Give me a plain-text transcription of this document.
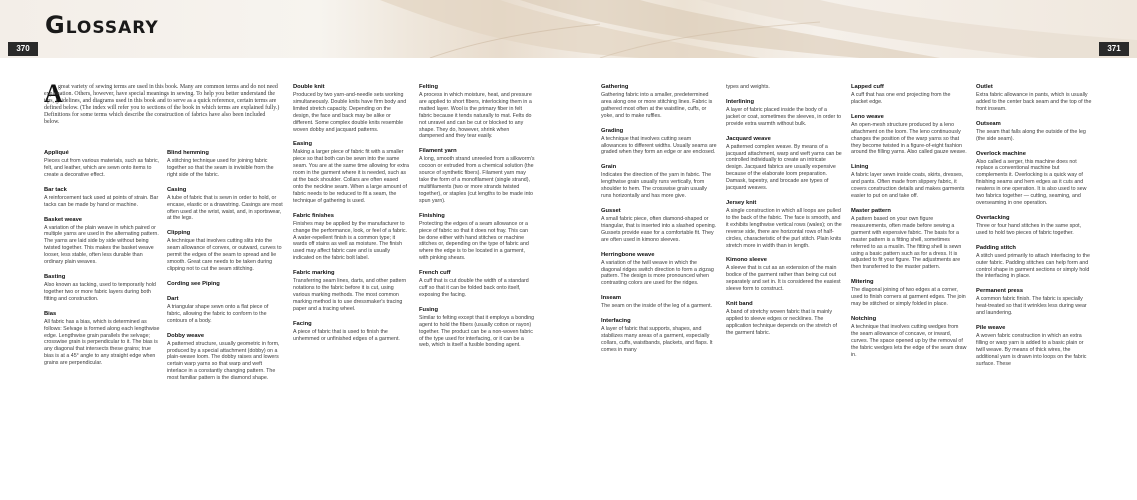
Glossary
370	371
A

great variety of sewing terms are used in this book. Many are common terms and do not need explanation. Others, however, have special meanings in sewing. To help you better understand the tips, guidelines, and diagrams used in this book and to serve as a quick reference, certain terms are defined below. (The index will refer you to sections of the book in which terms are explained fully.) Definitions for some terms which describe the construction of fabrics have also been included below.

Appliqué
Pieces cut from various materials, such as fabric, felt, and leather, which are sewn onto items to create a decorative effect.
Bar tack
A reinforcement tack used at points of strain. Bar tacks can be made by hand or machine.
Basket weave
A variation of the plain weave in which paired or multiple yarns are used in the alternating pattern. The yarns are laid side by side without being twisted together. This makes the basket weave looser, less stable, often less durable than ordinary plain weaves.
Basting
Also known as tacking, used to temporarily hold together two or more fabric layers during both fitting and construction.
Bias
All fabric has a bias, which is determined as follows: Selvage is formed along each lengthwise edge. Lengthwise grain parallels the selvage; crosswise grain is perpendicular to it. The bias is any diagonal that intersects these grains; true bias is at a 45° angle to any straight edge when grains are perpendicular.
Blind hemming
A stitching technique used for joining fabric together so that the seam is invisible from the right side of the fabric.
Casing
A tube of fabric that is sewn in order to hold, or encase, elastic or a drawstring. Casings are most often used at the wrist, waist, and, in sportswear, at the legs.
Clipping
A technique that involves cutting slits into the seam allowance of convex, or outward, curves to permit the edges of the seam to spread and lie smooth. Great care needs to be taken during clipping not to cut the seam stitching.
Cording see Piping
Dart
A triangular shape sewn onto a flat piece of fabric, allowing the fabric to conform to the contours of a body.
Dobby weave
A patterned structure, usually geometric in form, produced by a special attachment (dobby) on a plain-weave loom. The dobby raises and lowers certain warp yarns so that warp and weft interlace in a constantly changing pattern. The most familiar pattern is the diamond shape.
Double knit
Produced by two yarn-and-needle sets working simultaneously. Double knits have firm body and limited stretch capacity. Depending on the design, the face and back may be alike or different. Some complex double knits resemble woven dobby and jacquard patterns.
Easing
Making a larger piece of fabric fit with a smaller piece so that both can be sewn into the same seam. You are at the same time allowing for extra room in the garment where it is needed, such as at the back shoulder. Collars are often eased onto the neckline seam. When a large amount of fabric needs to be reduced to fit a seam, the technique of gathering is used.
Fabric finishes
Finishes may be applied by the manufacturer to change the performance, look, or feel of a fabric. A water-repellent finish is a common type; it wards off stains as well as moisture. The finish used may affect fabric care and is usually indicated on the fabric bolt label.
Fabric marking
Transferring seam lines, darts, and other pattern notations to the fabric before it is cut, using various marking methods. The most common marking method is to use dressmaker's tracing paper and a tracing wheel.
Facing
A piece of fabric that is used to finish the unhemmed or unfinished edges of a garment.
Felting
A process in which moisture, heat, and pressure are applied to short fibers, interlocking them in a matted layer. Wool is the primary fiber in felt fabric because it tends naturally to mat. Felts do not unravel and can be cut or blocked to any shape. They do, however, shrink when dampened and they tear easily.
Filament yarn
A long, smooth strand unreeled from a silkworm's cocoon or extruded from a chemical solution (the source of synthetic fibers). Filament yarn may take the form of a monofilament (single strand), multifilaments (two or more strands twisted together), or staples (cut lengths to be made into spun yarn).
Finishing
Protecting the edges of a seam allowance or a piece of fabric so that it does not fray. This can be done either with hand stitches or machine stitches or, depending on the type of fabric and where the edge is to be located in a garment, with pinking shears.
French cuff
A cuff that is cut double the width of a standard cuff so that it can be folded back onto itself, exposing the facing.
Fusing
Similar to felting except that it employs a bonding agent to hold the fibers (usually cotton or rayon) together. The product can be a non-woven fabric of the type used for interfacing, or it can be a web, which is itself a fusible bonding agent.
Gathering
Gathering fabric into a smaller, predetermined area along one or more stitching lines. Fabric is gathered most often at the waistline, cuffs, or yoke, and to make ruffles.
Grading
A technique that involves cutting seam allowances to different widths. Usually seams are graded when they form an edge or are enclosed.
Grain
Indicates the direction of the yarn in fabric. The lengthwise grain usually runs vertically, from shoulder to hem. The crosswise grain usually runs horizontally and has more give.
Gusset
A small fabric piece, often diamond-shaped or triangular, that is inserted into a slashed opening. Gussets provide ease for a comfortable fit. They are often used in kimono sleeves.
Herringbone weave
A variation of the twill weave in which the diagonal ridges switch direction to form a zigzag pattern. The design is more pronounced when contrasting colors are used for the ridges.
Inseam
The seam on the inside of the leg of a garment.
Interfacing
A layer of fabric that supports, shapes, and stabilizes many areas of a garment, especially collars, cuffs, waistbands, plackets, and flaps. It comes in many
types and weights.
Interlining
A layer of fabric placed inside the body of a jacket or coat, sometimes the sleeves, in order to provide extra warmth without bulk.
Jacquard weave
A patterned complex weave. By means of a jacquard attachment, warp and weft yarns can be controlled individually to create an intricate design. Jacquard fabrics are usually expensive because of the elaborate loom preparation. Damask, tapestry, and brocade are types of jacquard weaves.
Jersey knit
A single construction in which all loops are pulled to the back of the fabric. The face is smooth, and it exhibits lengthwise vertical rows (wales); on the reverse side, there are horizontal rows of half-circles, characteristic of the purl stitch. Plain knits stretch more in width than in length.
Kimono sleeve
A sleeve that is cut as an extension of the main bodice of the garment rather than being cut out separately and set in. It is considered the easiest sleeve form to construct.
Knit band
A band of stretchy woven fabric that is mainly applied to sleeve edges or necklines. The application technique depends on the stretch of the garment fabric.
Lapped cuff
A cuff that has one end projecting from the placket edge.
Leno weave
An open-mesh structure produced by a leno attachment on the loom. The leno continuously changes the position of the warp yarns so that they become twisted in a figure-of-eight fashion around the filling yarns. Also called gauze weave.
Lining
A fabric layer sewn inside coats, skirts, dresses, and pants. Often made from slippery fabric, it covers construction details and makes garments easier to put on and take off.
Master pattern
A pattern based on your own figure measurements, often made before sewing a garment with expensive fabric. The basis for a master pattern is a fitting shell, sometimes referred to as a muslin. The fitting shell is sewn using a basic pattern such as for a dress. It is adjusted to fit your figure. The adjustments are then transferred to the master pattern.
Mitering
The diagonal joining of two edges at a corner, used to finish corners at garment edges. The join may be stitched or simply folded in place.
Notching
A technique that involves cutting wedges from the seam allowance of concave, or inward, curves. The space opened up by the removal of the fabric wedges lets the edge of the seam draw in.
Outlet
Extra fabric allowance in pants, which is usually added to the center back seam and the top of the front inseam.
Outseam
The seam that falls along the outside of the leg (the side seam).
Overlock machine
Also called a serger, this machine does not replace a conventional machine but complements it. Overlocking is a quick way of finishing seams and hem edges as it cuts and neatens in one operation. It is also used to sew two fabrics together — cutting, seaming, and overseaming in one operation.
Overtacking
Three or four hand stitches in the same spot, used to hold two pieces of fabric together.
Padding stitch
A stitch used primarily to attach interfacing to the outer fabric. Padding stitches can help form and control shape in garment sections or simply hold the interfacing in place.
Permanent press
A common fabric finish. The fabric is specially heat-treated so that it wrinkles less during wear and laundering.
Pile weave
A woven fabric construction in which an extra filling or warp yarn is added to a basic plain or twill weave. By means of thick wires, the additional yarn is drawn into loops on the fabric surface. These
